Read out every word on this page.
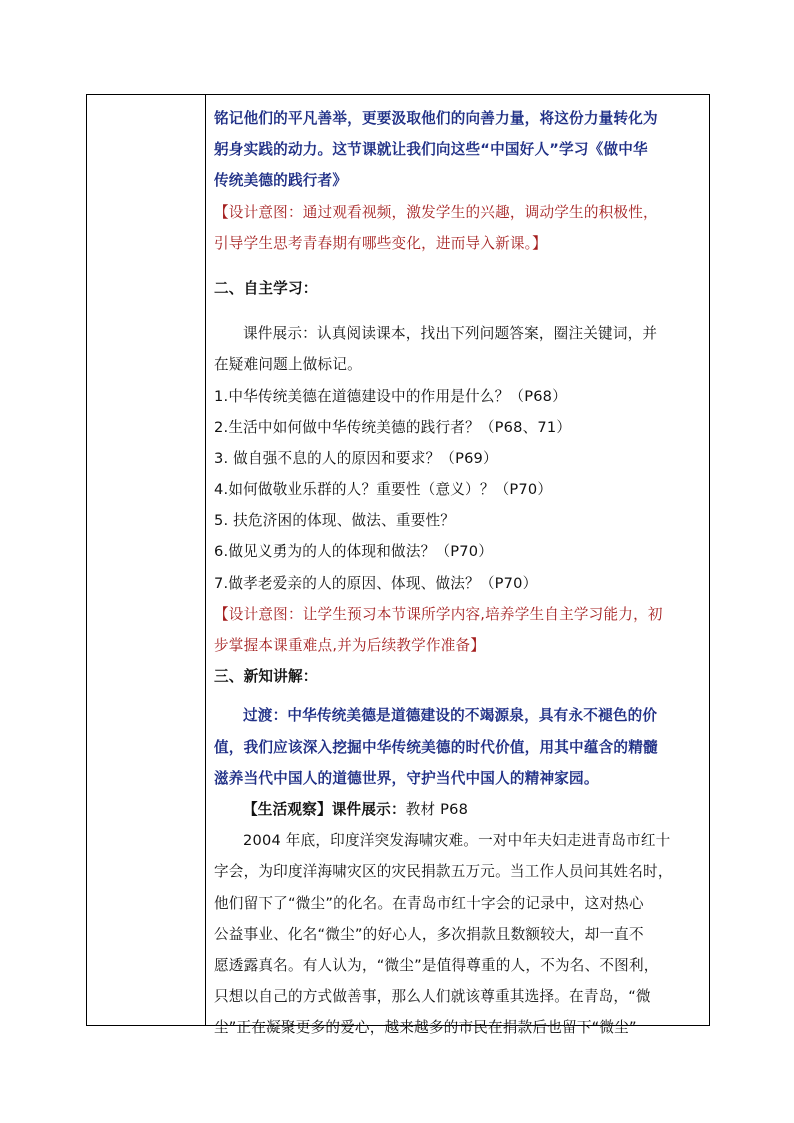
铭记他们的平凡善举，更要汲取他们的向善力量，将这份力量转化为
躬身实践的动力。这节课就让我们向这些“中国好人”学习《做中华
传统美德的践行者》
【设计意图：通过观看视频，激发学生的兴趣，调动学生的积极性，
引导学生思考青春期有哪些变化，进而导入新课。】
二、自主学习：
课件展示：认真阅读课本，找出下列问题答案，圈注关键词，并
在疑难问题上做标记。
1.中华传统美德在道德建设中的作用是什么？（P68）
2.生活中如何做中华传统美德的践行者？（P68、71）
3. 做自强不息的人的原因和要求？（P69）
4.如何做敬业乐群的人？重要性（意义）？（P70）
5. 扶危济困的体现、做法、重要性？
6.做见义勇为的人的体现和做法？（P70）
7.做孝老爱亲的人的原因、体现、做法？（P70）
【设计意图：让学生预习本节课所学内容,培养学生自主学习能力，初
步掌握本课重难点,并为后续教学作准备】
三、新知讲解：
过渡：中华传统美德是道德建设的不竭源泉，具有永不褪色的价
值，我们应该深入挖掘中华传统美德的时代价值，用其中蕴含的精髓
滋养当代中国人的道德世界，守护当代中国人的精神家园。
【生活观察】课件展示：教材 P68
2004 年底，印度洋突发海啸灾难。一对中年夫妇走进青岛市红十
字会，为印度洋海啸灾区的灾民捐款五万元。当工作人员问其姓名时，
他们留下了“微尘”的化名。在青岛市红十字会的记录中，这对热心
公益事业、化名“微尘”的好心人，多次捐款且数额较大，却一直不
愿透露真名。有人认为，“微尘”是值得尊重的人，不为名、不图利，
只想以自己的方式做善事，那么人们就该尊重其选择。在青岛，“微
尘”正在凝聚更多的爱心，越来越多的市民在捐款后也留下“微尘”
